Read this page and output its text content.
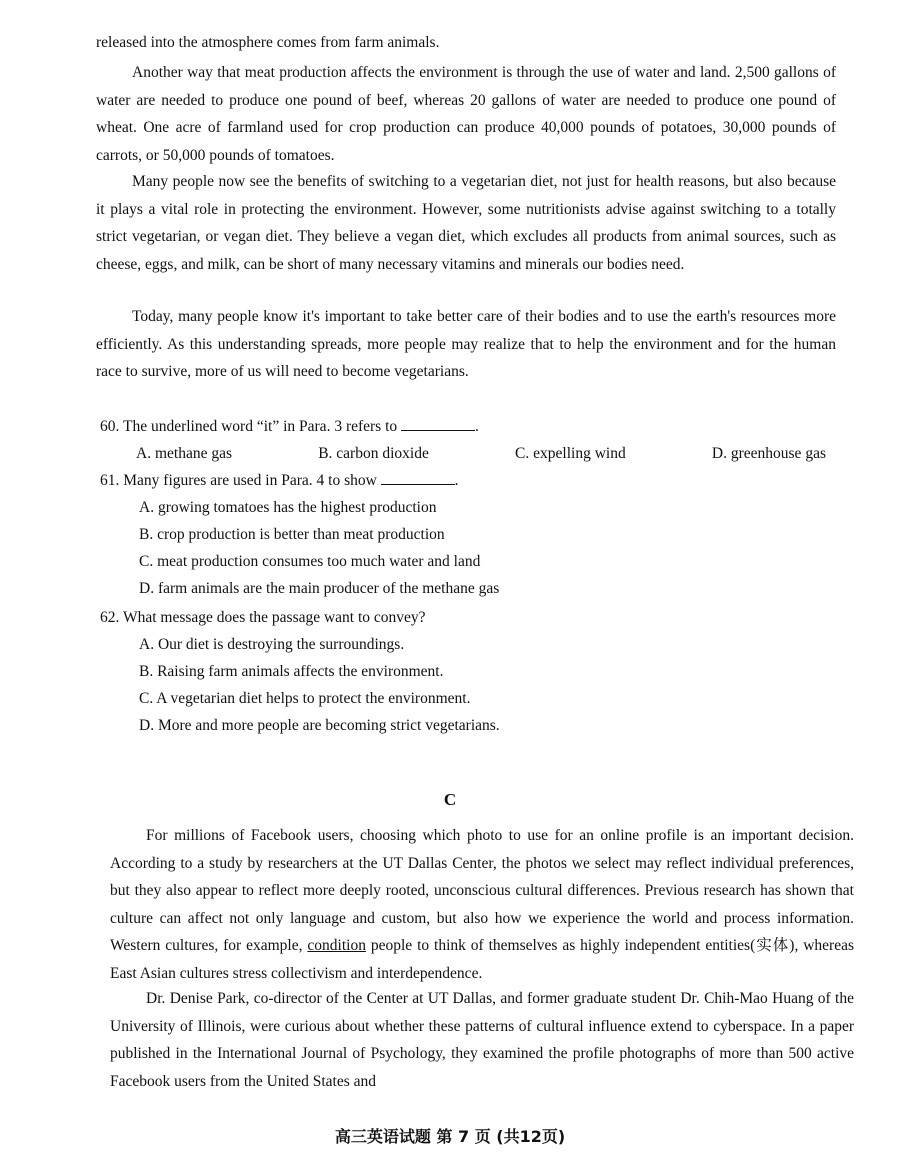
released into the atmosphere comes from farm animals.

Another way that meat production affects the environment is through the use of water and land. 2,500 gallons of water are needed to produce one pound of beef, whereas 20 gallons of water are needed to produce one pound of wheat. One acre of farmland used for crop production can produce 40,000 pounds of potatoes, 30,000 pounds of carrots, or 50,000 pounds of tomatoes.

Many people now see the benefits of switching to a vegetarian diet, not just for health reasons, but also because it plays a vital role in protecting the environment. However, some nutritionists advise against switching to a totally strict vegetarian, or vegan diet. They believe a vegan diet, which excludes all products from animal sources, such as cheese, eggs, and milk, can be short of many necessary vitamins and minerals our bodies need.

Today, many people know it's important to take better care of their bodies and to use the earth's resources more efficiently. As this understanding spreads, more people may realize that to help the environment and for the human race to survive, more of us will need to become vegetarians.

60. The underlined word “it” in Para. 3 refers to	.

A. methane gas	B. carbon dioxide	C. expelling wind	D. greenhouse gas

61. Many figures are used in Para. 4 to show	.

A. growing tomatoes has the highest production

B. crop production is better than meat production

C. meat production consumes too much water and land

D. farm animals are the main producer of the methane gas

62. What message does the passage want to convey?

A. Our diet is destroying the surroundings.

B. Raising farm animals affects the environment.

C. A vegetarian diet helps to protect the environment.

D. More and more people are becoming strict vegetarians.

C

For millions of Facebook users, choosing which photo to use for an online profile is an important decision. According to a study by researchers at the UT Dallas Center, the photos we select may reflect individual preferences, but they also appear to reflect more deeply rooted, unconscious cultural differences. Previous research has shown that culture can affect not only language and custom, but also how we experience the world and process information. Western cultures, for example, condition people to think of themselves as highly independent entities(实体), whereas East Asian cultures stress collectivism and interdependence.

Dr. Denise Park, co-director of the Center at UT Dallas, and former graduate student Dr. Chih-Mao Huang of the University of Illinois, were curious about whether these patterns of cultural influence extend to cyberspace. In a paper published in the International Journal of Psychology, they examined the profile photographs of more than 500 active Facebook users from the United States and

高三英语试题 第 7 页 (共12页)
